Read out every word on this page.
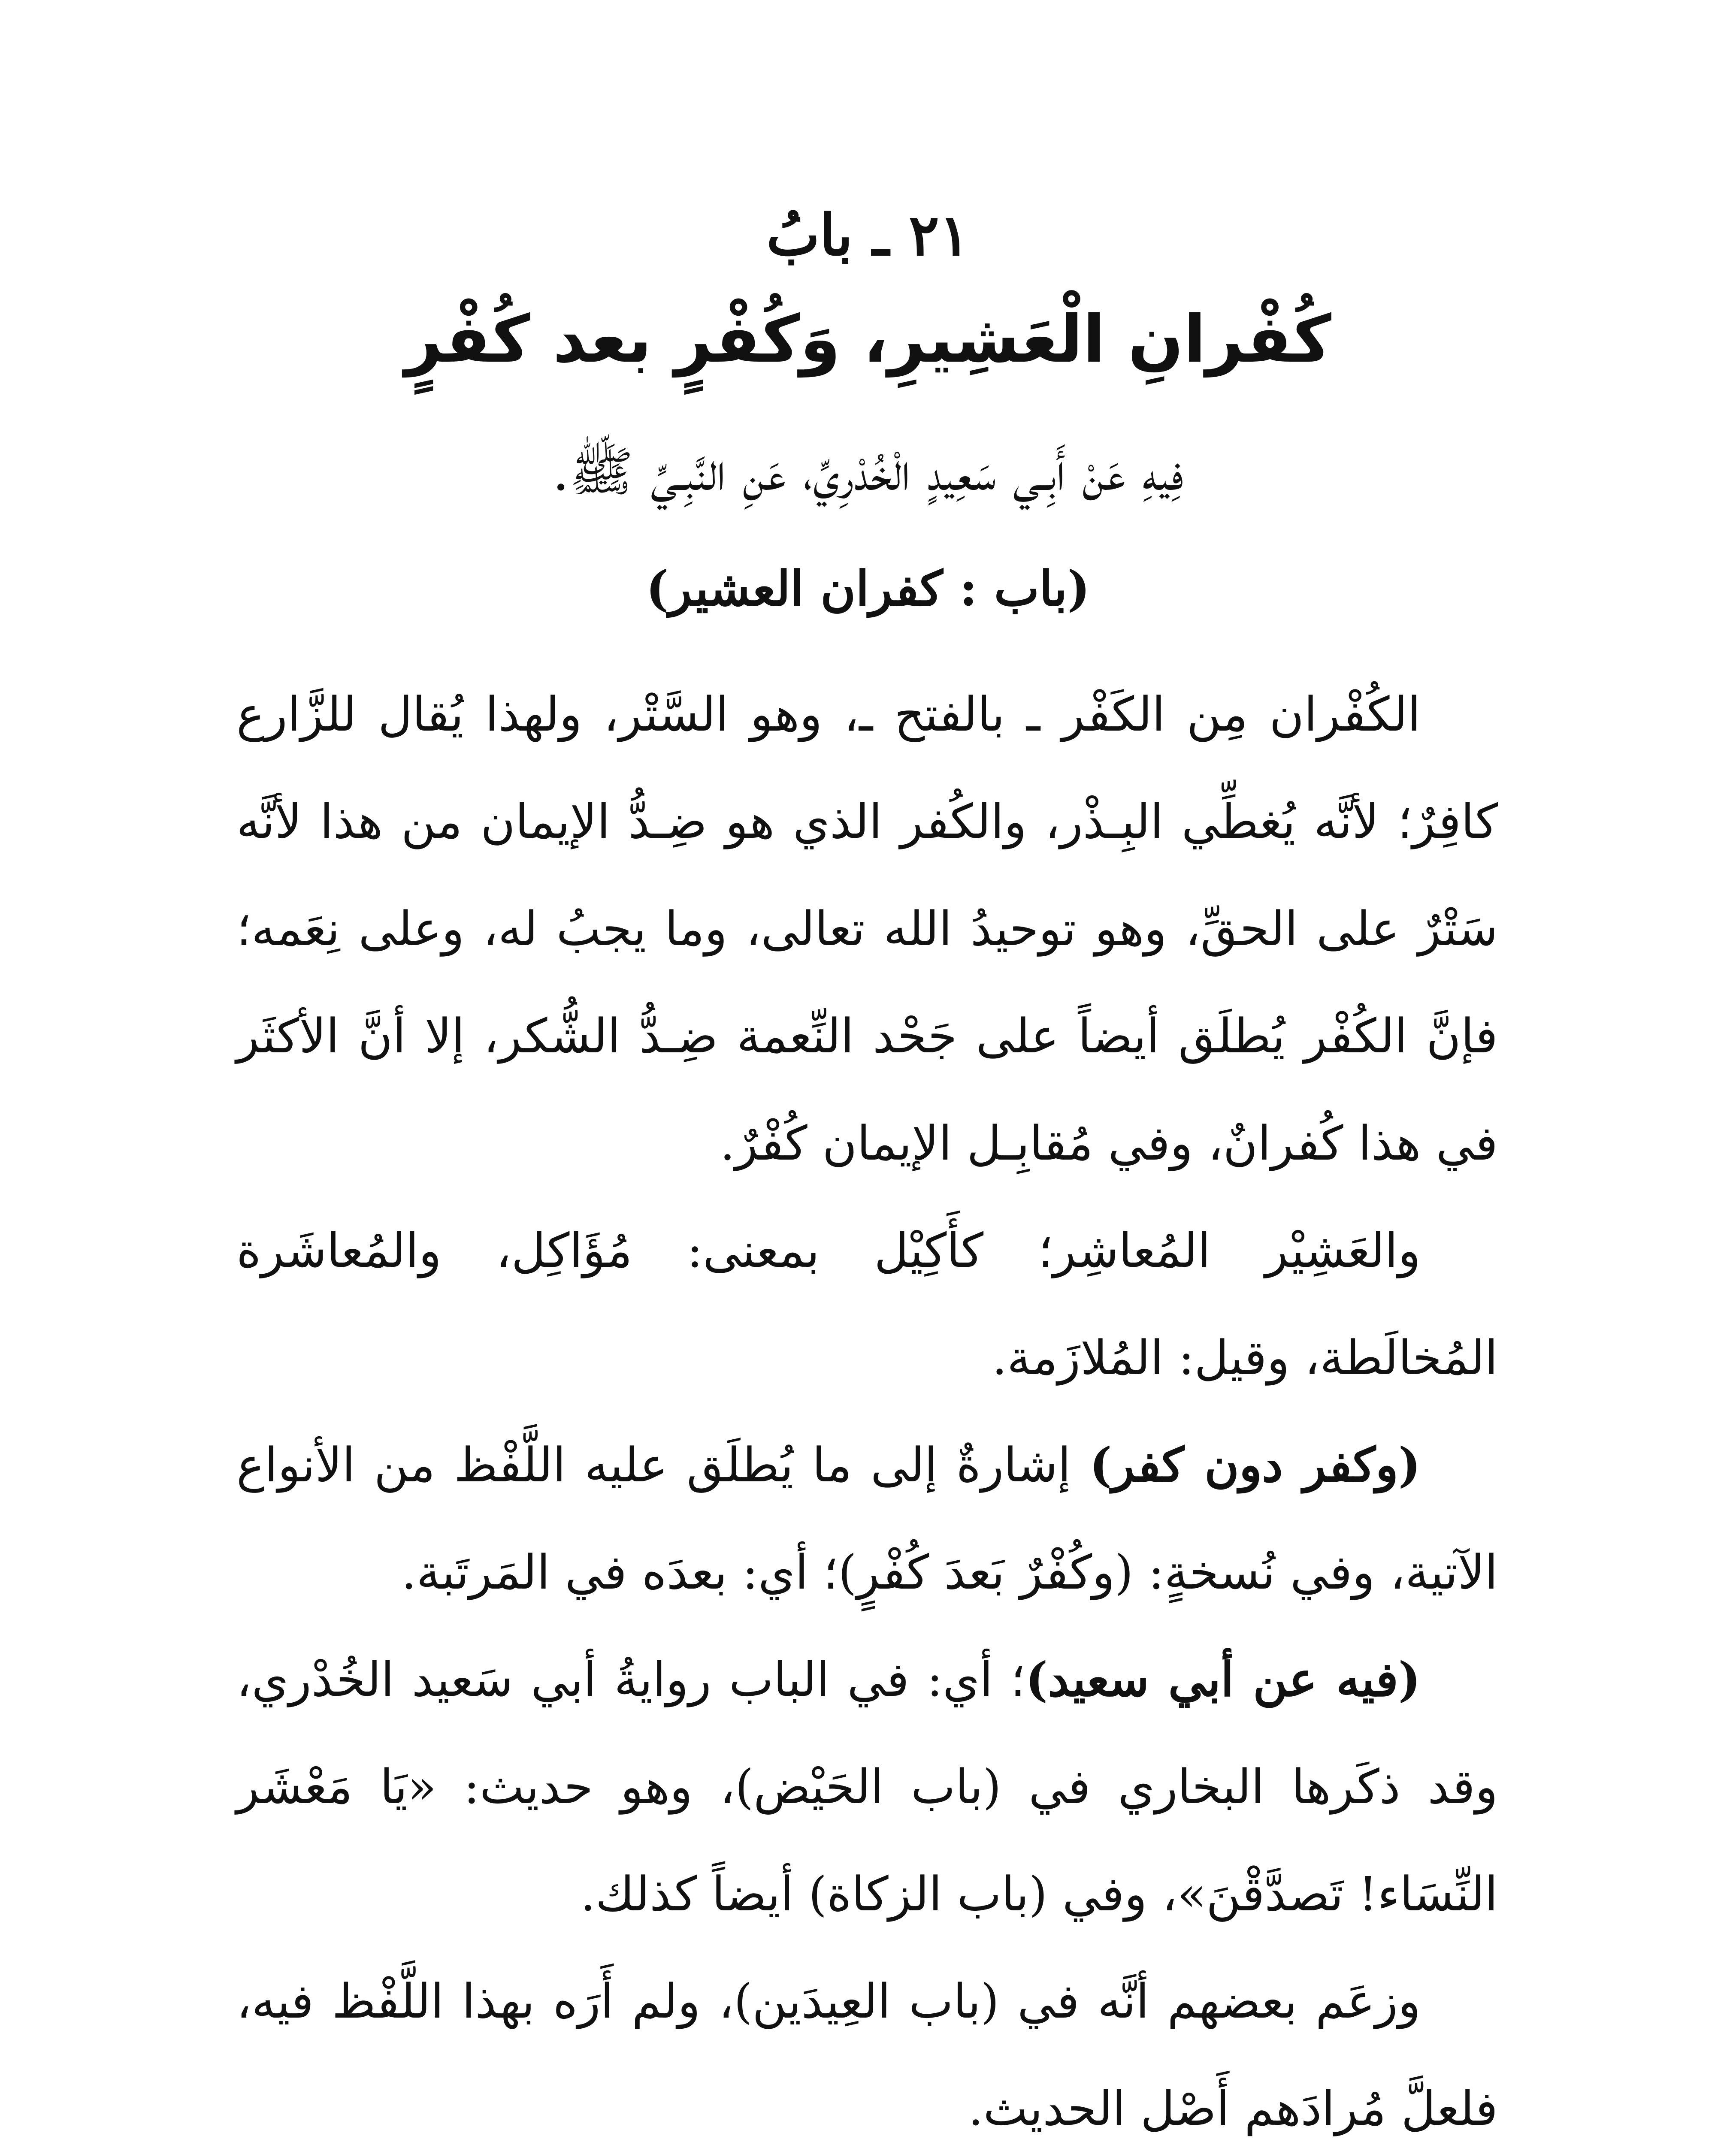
٢١ ـ بابُ
كُفْرانِ الْعَشِيرِ، وَكُفْرٍ بعد كُفْرٍ
فِيهِ عَنْ أَبِـي سَعِيدٍ الْخُدْرِيِّ، عَنِ النَّبِـيِّ ﷺ.
(باب : كفران العشير)

الكُفْران مِن الكَفْر ـ بالفتح ـ، وهو السَّتْر، ولهذا يُقال للزَّارع كافِرٌ؛ لأنَّه يُغطِّي البِـذْر، والكُفر الذي هو ضِـدُّ الإيمان من هذا لأنَّه سَتْرٌ على الحقِّ، وهو توحيدُ الله تعالى، وما يجبُ له، وعلى نِعَمه؛ فإنَّ الكُفْر يُطلَق أيضاً على جَحْد النِّعمة ضِـدُّ الشُّكر، إلا أنَّ الأكثَر في هذا كُفرانٌ، وفي مُقابِـل الإيمان كُفْرٌ.

والعَشِيْر المُعاشِر؛ كأَكِيْل بمعنى: مُؤَاكِل، والمُعاشَرة المُخالَطة، وقيل: المُلازَمة.

(وكفر دون كفر) إشارةٌ إلى ما يُطلَق عليه اللَّفْظ من الأنواع الآتية، وفي نُسخةٍ: (وكُفْرٌ بَعدَ كُفْرٍ)؛ أي: بعدَه في المَرتَبة.

(فيه عن أبي سعيد)؛ أي: في الباب روايةُ أبي سَعيد الخُدْري، وقد ذكَرها البخاري في (باب الحَيْض)، وهو حديث: «يَا مَعْشَر النِّسَاء! تَصدَّقْنَ»، وفي (باب الزكاة) أيضاً كذلك.

وزعَم بعضهم أنَّه في (باب العِيدَين)، ولم أَرَه بهذا اللَّفْظ فيه، فلعلَّ مُرادَهم أَصْل الحديث.
